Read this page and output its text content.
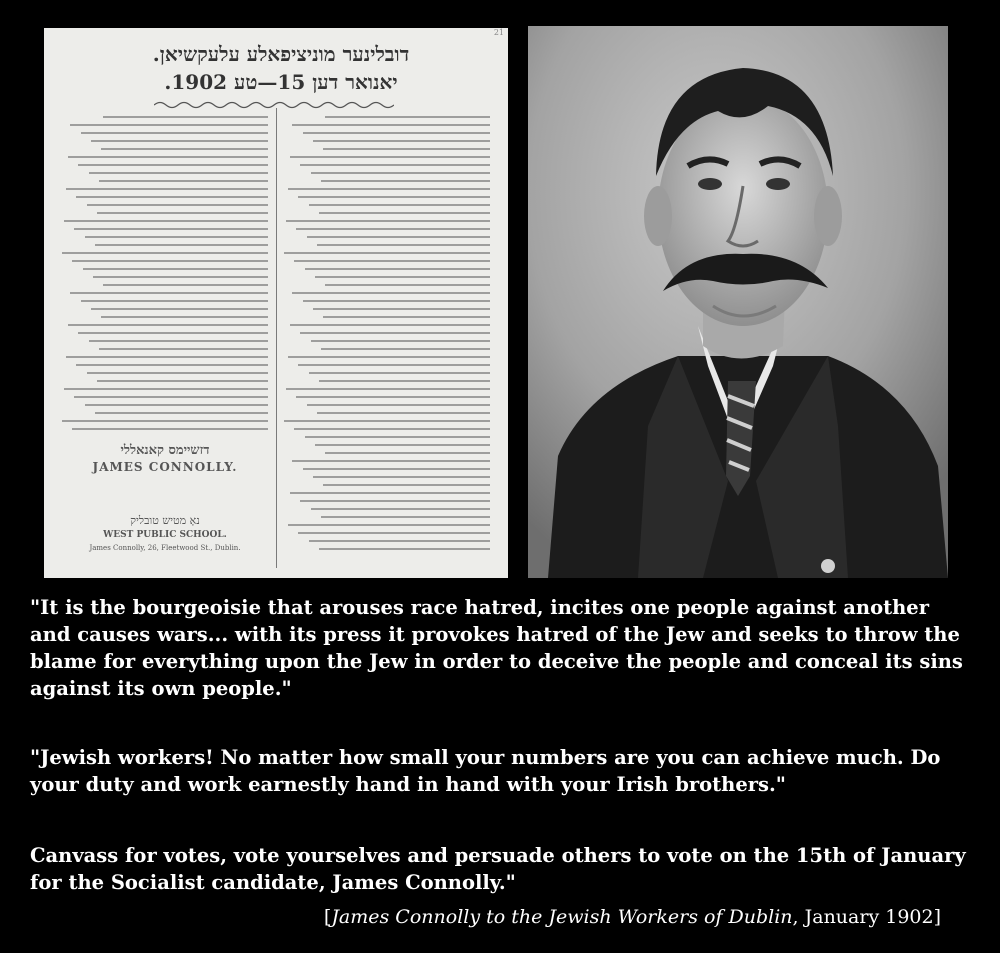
21
דובלינער מוניציפאלע עלעקשיאן.
יאנואר דען 15—טע 1902.
דזשיימס קאנאללי
JAMES CONNOLLY.
נאָ מטיש טובליק
WEST PUBLIC SCHOOL.
James Connolly, 26, Fleetwood St., Dublin.

"It is the bourgeoisie that arouses race hatred, incites one people against another and causes wars... with its press it provokes hatred of the Jew and seeks to throw the blame for everything upon the Jew in order to deceive the people and conceal its sins against its own people."

"Jewish workers! No matter how small your numbers are you can achieve much. Do your duty and work earnestly hand in hand with your Irish brothers."

Canvass for votes, vote yourselves and persuade others to vote on the 15th of January for the Socialist candidate, James Connolly."

[James Connolly to the Jewish Workers of Dublin, January 1902]
